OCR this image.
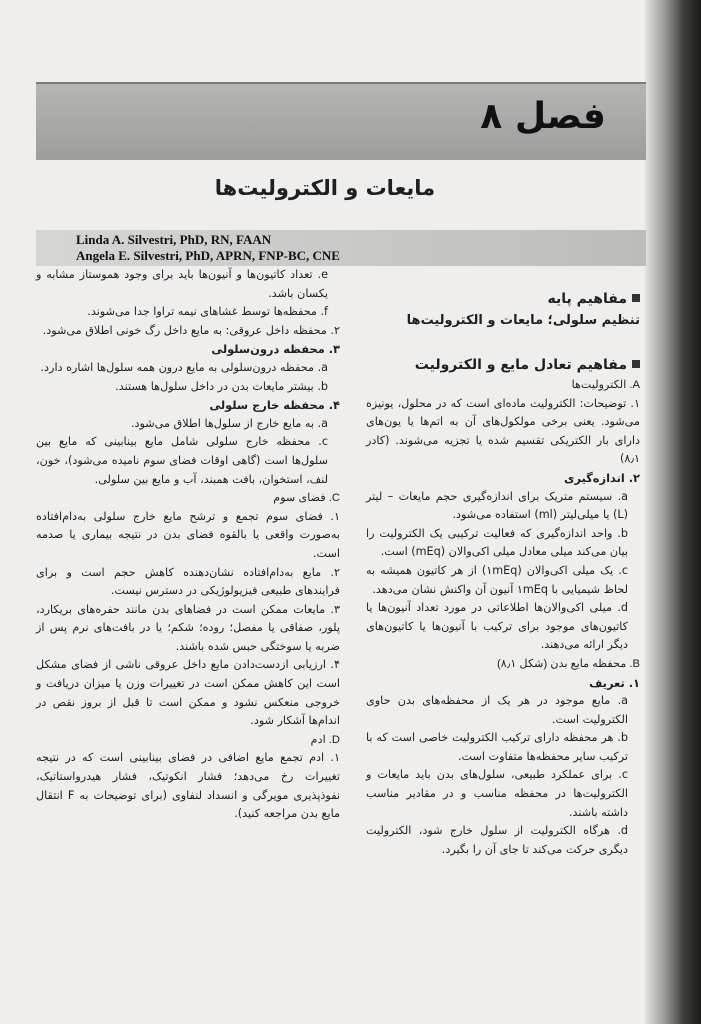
فصل ۸
مایعات و الکترولیت‌ها
Linda A. Silvestri, PhD, RN, FAAN
Angela E. Silvestri, PhD, APRN, FNP-BC, CNE

مفاهیم پایه

تنظیم سلولی؛ مایعات و الکترولیت‌ها

مفاهیم تعادل مایع و الکترولیت

A. الکترولیت‌ها

۱. توضیحات: الکترولیت ماده‌ای است که در محلول، یونیزه می‌شود. یعنی برخی مولکول‌های آن به اتم‌ها یا یون‌های دارای بار الکتریکی تقسیم شده یا تجزیه می‌شوند. (کادر ۸٫۱)

۲. اندازه‌گیری

a. سیستم متریک برای اندازه‌گیری حجم مایعات – لیتر (L) یا میلی‌لیتر (ml) استفاده می‌شود.

b. واحد اندازه‌گیری که فعالیت ترکیبی یک الکترولیت را بیان می‌کند میلی معادل میلی اکی‌والان (mEq) است.

c. یک میلی اکی‌والان (۱mEq) از هر کاتیون همیشه به لحاظ شیمیایی با ۱mEq آنیون آن واکنش نشان می‌دهد.

d. میلی اکی‌والان‌ها اطلاعاتی در مورد تعداد آنیون‌ها یا کاتیون‌های موجود برای ترکیب با آنیون‌ها یا کاتیون‌های دیگر ارائه می‌دهند.

B. محفظه مایع بدن (شکل ۸٫۱)

۱. تعریف

a. مایع موجود در هر یک از محفظه‌های بدن حاوی الکترولیت است.

b. هر محفظه دارای ترکیب الکترولیت خاصی است که با ترکیب سایر محفظه‌ها متفاوت است.

c. برای عملکرد طبیعی، سلول‌های بدن باید مایعات و الکترولیت‌ها در محفظه مناسب و در مقادیر مناسب داشته باشند.

d. هرگاه الکترولیت از سلول خارج شود، الکترولیت دیگری حرکت می‌کند تا جای آن را بگیرد.

e. تعداد کاتیون‌ها و آنیون‌ها باید برای وجود هموستاز مشابه و یکسان باشد.

f. محفظه‌ها توسط غشاهای نیمه تراوا جدا می‌شوند.

۲. محفظه داخل عروقی: به مایع داخل رگ خونی اطلاق می‌شود.

۳. محفظه درون‌سلولی

a. محفظه درون‌سلولی به مایع درون همه سلول‌ها اشاره دارد.

b. بیشتر مایعات بدن در داخل سلول‌ها هستند.

۴. محفظه خارج سلولی

a. به مایع خارج از سلول‌ها اطلاق می‌شود.

c. محفظه خارج سلولی شامل مایع بینابینی که مایع بین سلول‌ها است (گاهی اوقات فضای سوم نامیده می‌شود)، خون، لنف، استخوان، بافت همبند، آب و مایع بین سلولی.

C. فضای سوم

۱. فضای سوم تجمع و ترشح مایع خارج سلولی به‌دام‌افتاده به‌صورت واقعی یا بالقوه فضای بدن در نتیجه بیماری یا صدمه است.

۲. مایع به‌دام‌افتاده نشان‌دهنده کاهش حجم است و برای فرایندهای طبیعی فیزیولوژیکی در دسترس نیست.

۳. مایعات ممکن است در فضاهای بدن مانند حفره‌های بریکارد، پلور، صفاقی یا مفصل؛ روده؛ شکم؛ یا در بافت‌های نرم پس از ضربه یا سوختگی حبس شده باشند.

۴. ارزیابی ازدست‌دادن مایع داخل عروقی ناشی از فضای مشکل است این کاهش ممکن است در تغییرات وزن یا میزان دریافت و خروجی منعکس نشود و ممکن است تا قبل از بروز نقص در اندام‌ها آشکار شود.

D. ادم

۱. ادم تجمع مایع اضافی در فضای بینابینی است که در نتیجه تغییرات رخ می‌دهد؛ فشار انکوتیک، فشار هیدرواستاتیک، نفوذپذیری مویرگی و انسداد لنفاوی (برای توضیحات به F انتقال مایع بدن مراجعه کنید).
